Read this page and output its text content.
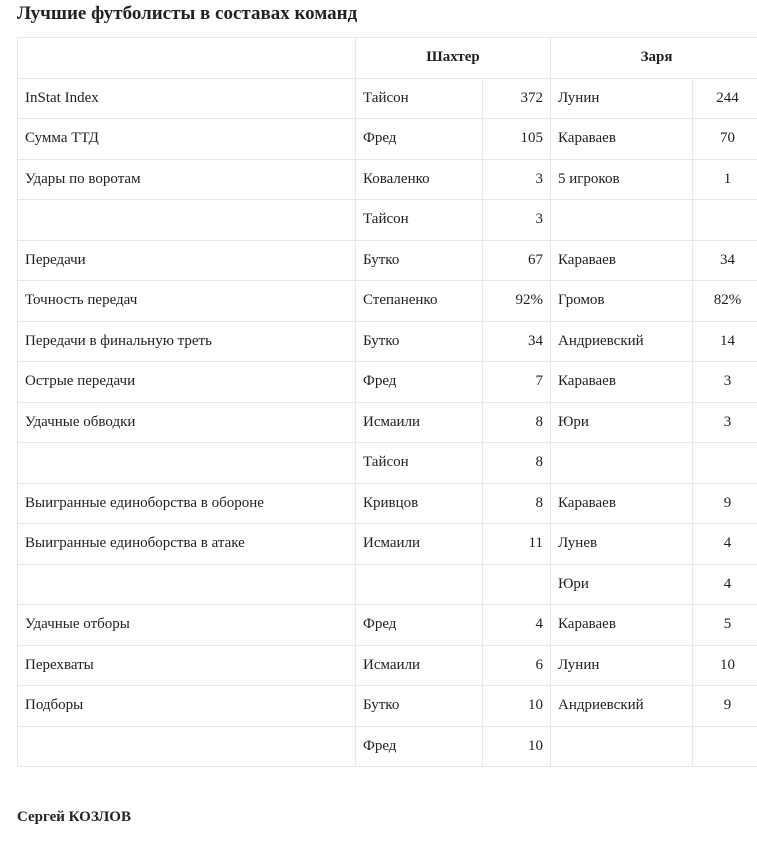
Лучшие футболисты в составах команд
	Шахтер		Заря	
InStat Index	Тайсон	372	Лунин	244
Сумма ТТД	Фред	105	Караваев	70
Удары по воротам	Коваленко	3	5 игроков	1
	Тайсон	3		
Передачи	Бутко	67	Караваев	34
Точность передач	Степаненко	92%	Громов	82%
Передачи в финальную треть	Бутко	34	Андриевский	14
Острые передачи	Фред	7	Караваев	3
Удачные обводки	Исмаили	8	Юри	3
	Тайсон	8		
Выигранные единоборства в обороне	Кривцов	8	Караваев	9
Выигранные единоборства в атаке	Исмаили	11	Лунев	4
			Юри	4
Удачные отборы	Фред	4	Караваев	5
Перехваты	Исмаили	6	Лунин	10
Подборы	Бутко	10	Андриевский	9
	Фред	10		

Сергей КОЗЛОВ
